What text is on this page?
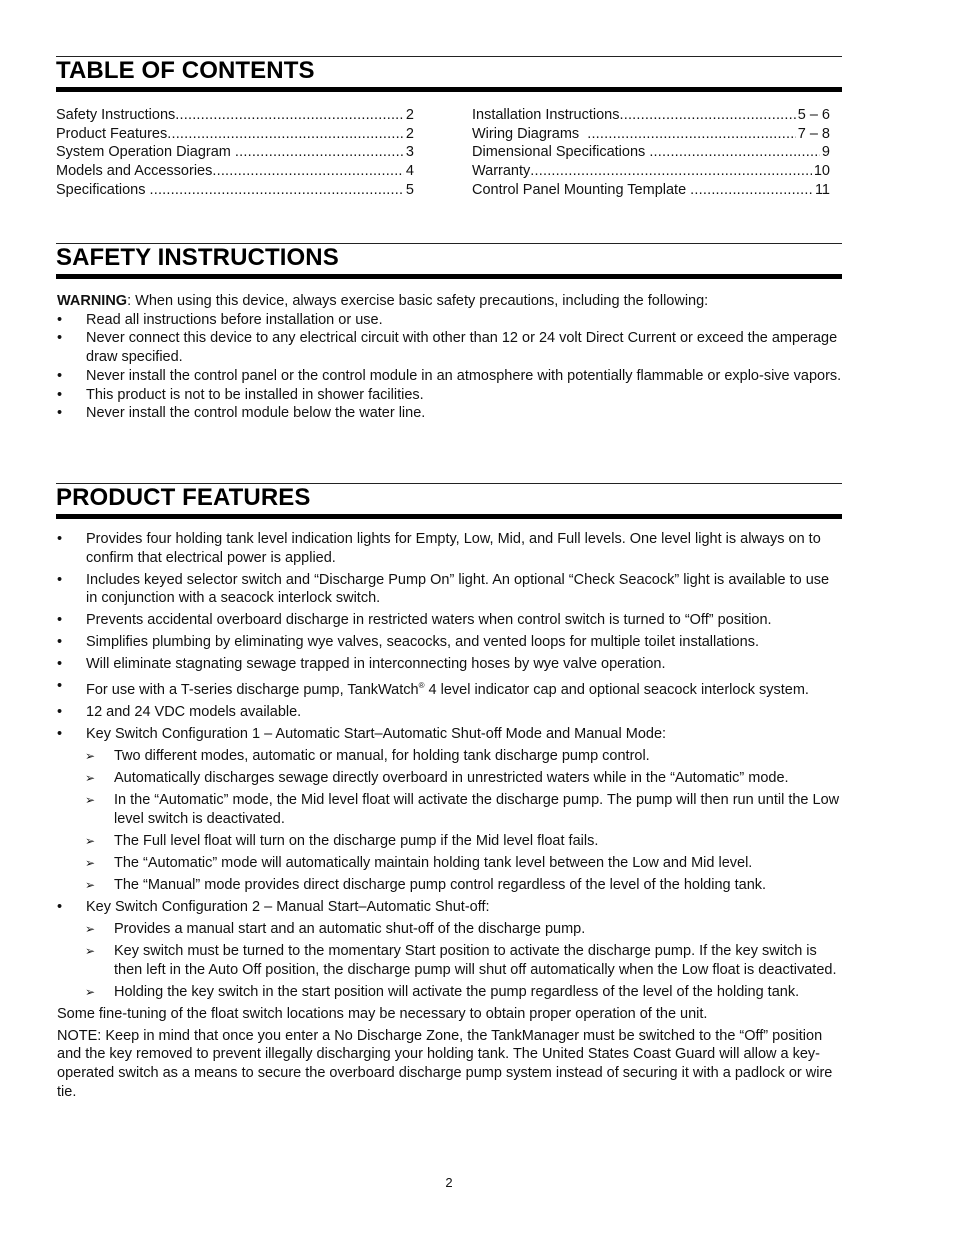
TABLE OF CONTENTS
Safety Instructions .....	2
Product Features .....	2
System Operation Diagram .....	3
Models and Accessories .....	4
Specifications .....	5
Installation Instructions .....	5 – 6
Wiring Diagrams .....	7 – 8
Dimensional Specifications .....	9
Warranty .....	10
Control Panel Mounting Template .....	11
SAFETY INSTRUCTIONS
WARNING: When using this device, always exercise basic safety precautions, including the following:
•	Read all instructions before installation or use.
•	Never connect this device to any electrical circuit with other than 12 or 24 volt Direct Current or exceed the amperage draw specified.
•	Never install the control panel or the control module in an atmosphere with potentially flammable or explo-sive vapors.
•	This product is not to be installed in shower facilities.
•	Never install the control module below the water line.
PRODUCT FEATURES
•	Provides four holding tank level indication lights for Empty, Low, Mid, and Full levels. One level light is always on to confirm that electrical power is applied.
•	Includes keyed selector switch and “Discharge Pump On” light. An optional “Check Seacock” light is available to use in conjunction with a seacock interlock switch.
•	Prevents accidental overboard discharge in restricted waters when control switch is turned to “Off” position.
•	Simplifies plumbing by eliminating wye valves, seacocks, and vented loops for multiple toilet installations.
•	Will eliminate stagnating sewage trapped in interconnecting hoses by wye valve operation.
•	For use with a T-series discharge pump, TankWatch® 4 level indicator cap and optional seacock interlock system.
•	12 and 24 VDC models available.
•	Key Switch Configuration 1 – Automatic Start–Automatic Shut-off Mode and Manual Mode:
➢ Two different modes, automatic or manual, for holding tank discharge pump control.
➢ Automatically discharges sewage directly overboard in unrestricted waters while in the “Automatic” mode.
➢ In the “Automatic” mode, the Mid level float will activate the discharge pump. The pump will then run until the Low level switch is deactivated.
➢ The Full level float will turn on the discharge pump if the Mid level float fails.
➢ The “Automatic” mode will automatically maintain holding tank level between the Low and Mid level.
➢ The “Manual” mode provides direct discharge pump control regardless of the level of the holding tank.
•	Key Switch Configuration 2 – Manual Start–Automatic Shut-off:
➢ Provides a manual start and an automatic shut-off of the discharge pump.
➢ Key switch must be turned to the momentary Start position to activate the discharge pump. If the key switch is then left in the Auto Off position, the discharge pump will shut off automatically when the Low float is deactivated.
➢ Holding the key switch in the start position will activate the pump regardless of the level of the holding tank.
Some fine-tuning of the float switch locations may be necessary to obtain proper operation of the unit.
NOTE: Keep in mind that once you enter a No Discharge Zone, the TankManager must be switched to the “Off” position and the key removed to prevent illegally discharging your holding tank. The United States Coast Guard will allow a key-operated switch as a means to secure the overboard discharge pump system instead of securing it with a padlock or wire tie.
2
